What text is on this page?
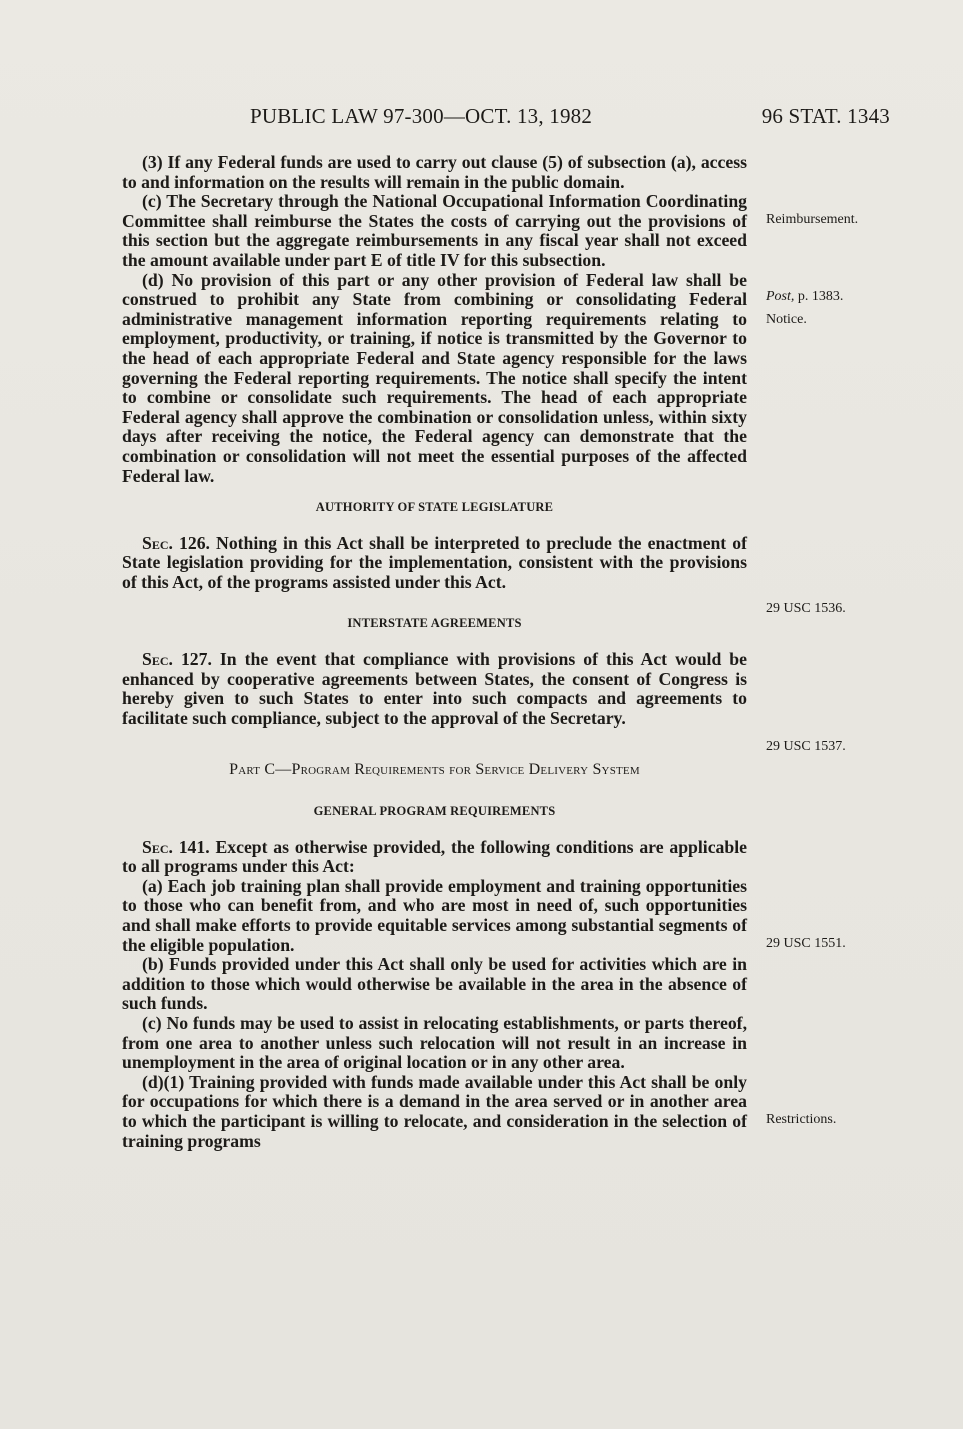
PUBLIC LAW 97-300—OCT. 13, 1982	96 STAT. 1343

(3) If any Federal funds are used to carry out clause (5) of subsection (a), access to and information on the results will remain in the public domain.

(c) The Secretary through the National Occupational Information Coordinating Committee shall reimburse the States the costs of carrying out the provisions of this section but the aggregate reimbursements in any fiscal year shall not exceed the amount available under part E of title IV for this subsection.

(d) No provision of this part or any other provision of Federal law shall be construed to prohibit any State from combining or consolidating Federal administrative management information reporting requirements relating to employment, productivity, or training, if notice is transmitted by the Governor to the head of each appropriate Federal and State agency responsible for the laws governing the Federal reporting requirements. The notice shall specify the intent to combine or consolidate such requirements. The head of each appropriate Federal agency shall approve the combination or consolidation unless, within sixty days after receiving the notice, the Federal agency can demonstrate that the combination or consolidation will not meet the essential purposes of the affected Federal law.

AUTHORITY OF STATE LEGISLATURE

Sec. 126. Nothing in this Act shall be interpreted to preclude the enactment of State legislation providing for the implementation, consistent with the provisions of this Act, of the programs assisted under this Act.

INTERSTATE AGREEMENTS

Sec. 127. In the event that compliance with provisions of this Act would be enhanced by cooperative agreements between States, the consent of Congress is hereby given to such States to enter into such compacts and agreements to facilitate such compliance, subject to the approval of the Secretary.

Part C—Program Requirements for Service Delivery System
GENERAL PROGRAM REQUIREMENTS

Sec. 141. Except as otherwise provided, the following conditions are applicable to all programs under this Act:

(a) Each job training plan shall provide employment and training opportunities to those who can benefit from, and who are most in need of, such opportunities and shall make efforts to provide equitable services among substantial segments of the eligible population.

(b) Funds provided under this Act shall only be used for activities which are in addition to those which would otherwise be available in the area in the absence of such funds.

(c) No funds may be used to assist in relocating establishments, or parts thereof, from one area to another unless such relocation will not result in an increase in unemployment in the area of original location or in any other area.

(d)(1) Training provided with funds made available under this Act shall be only for occupations for which there is a demand in the area served or in another area to which the participant is willing to relocate, and consideration in the selection of training programs

Reimbursement.
Post, p. 1383.
Notice.
29 USC 1536.
29 USC 1537.
29 USC 1551.
Restrictions.
